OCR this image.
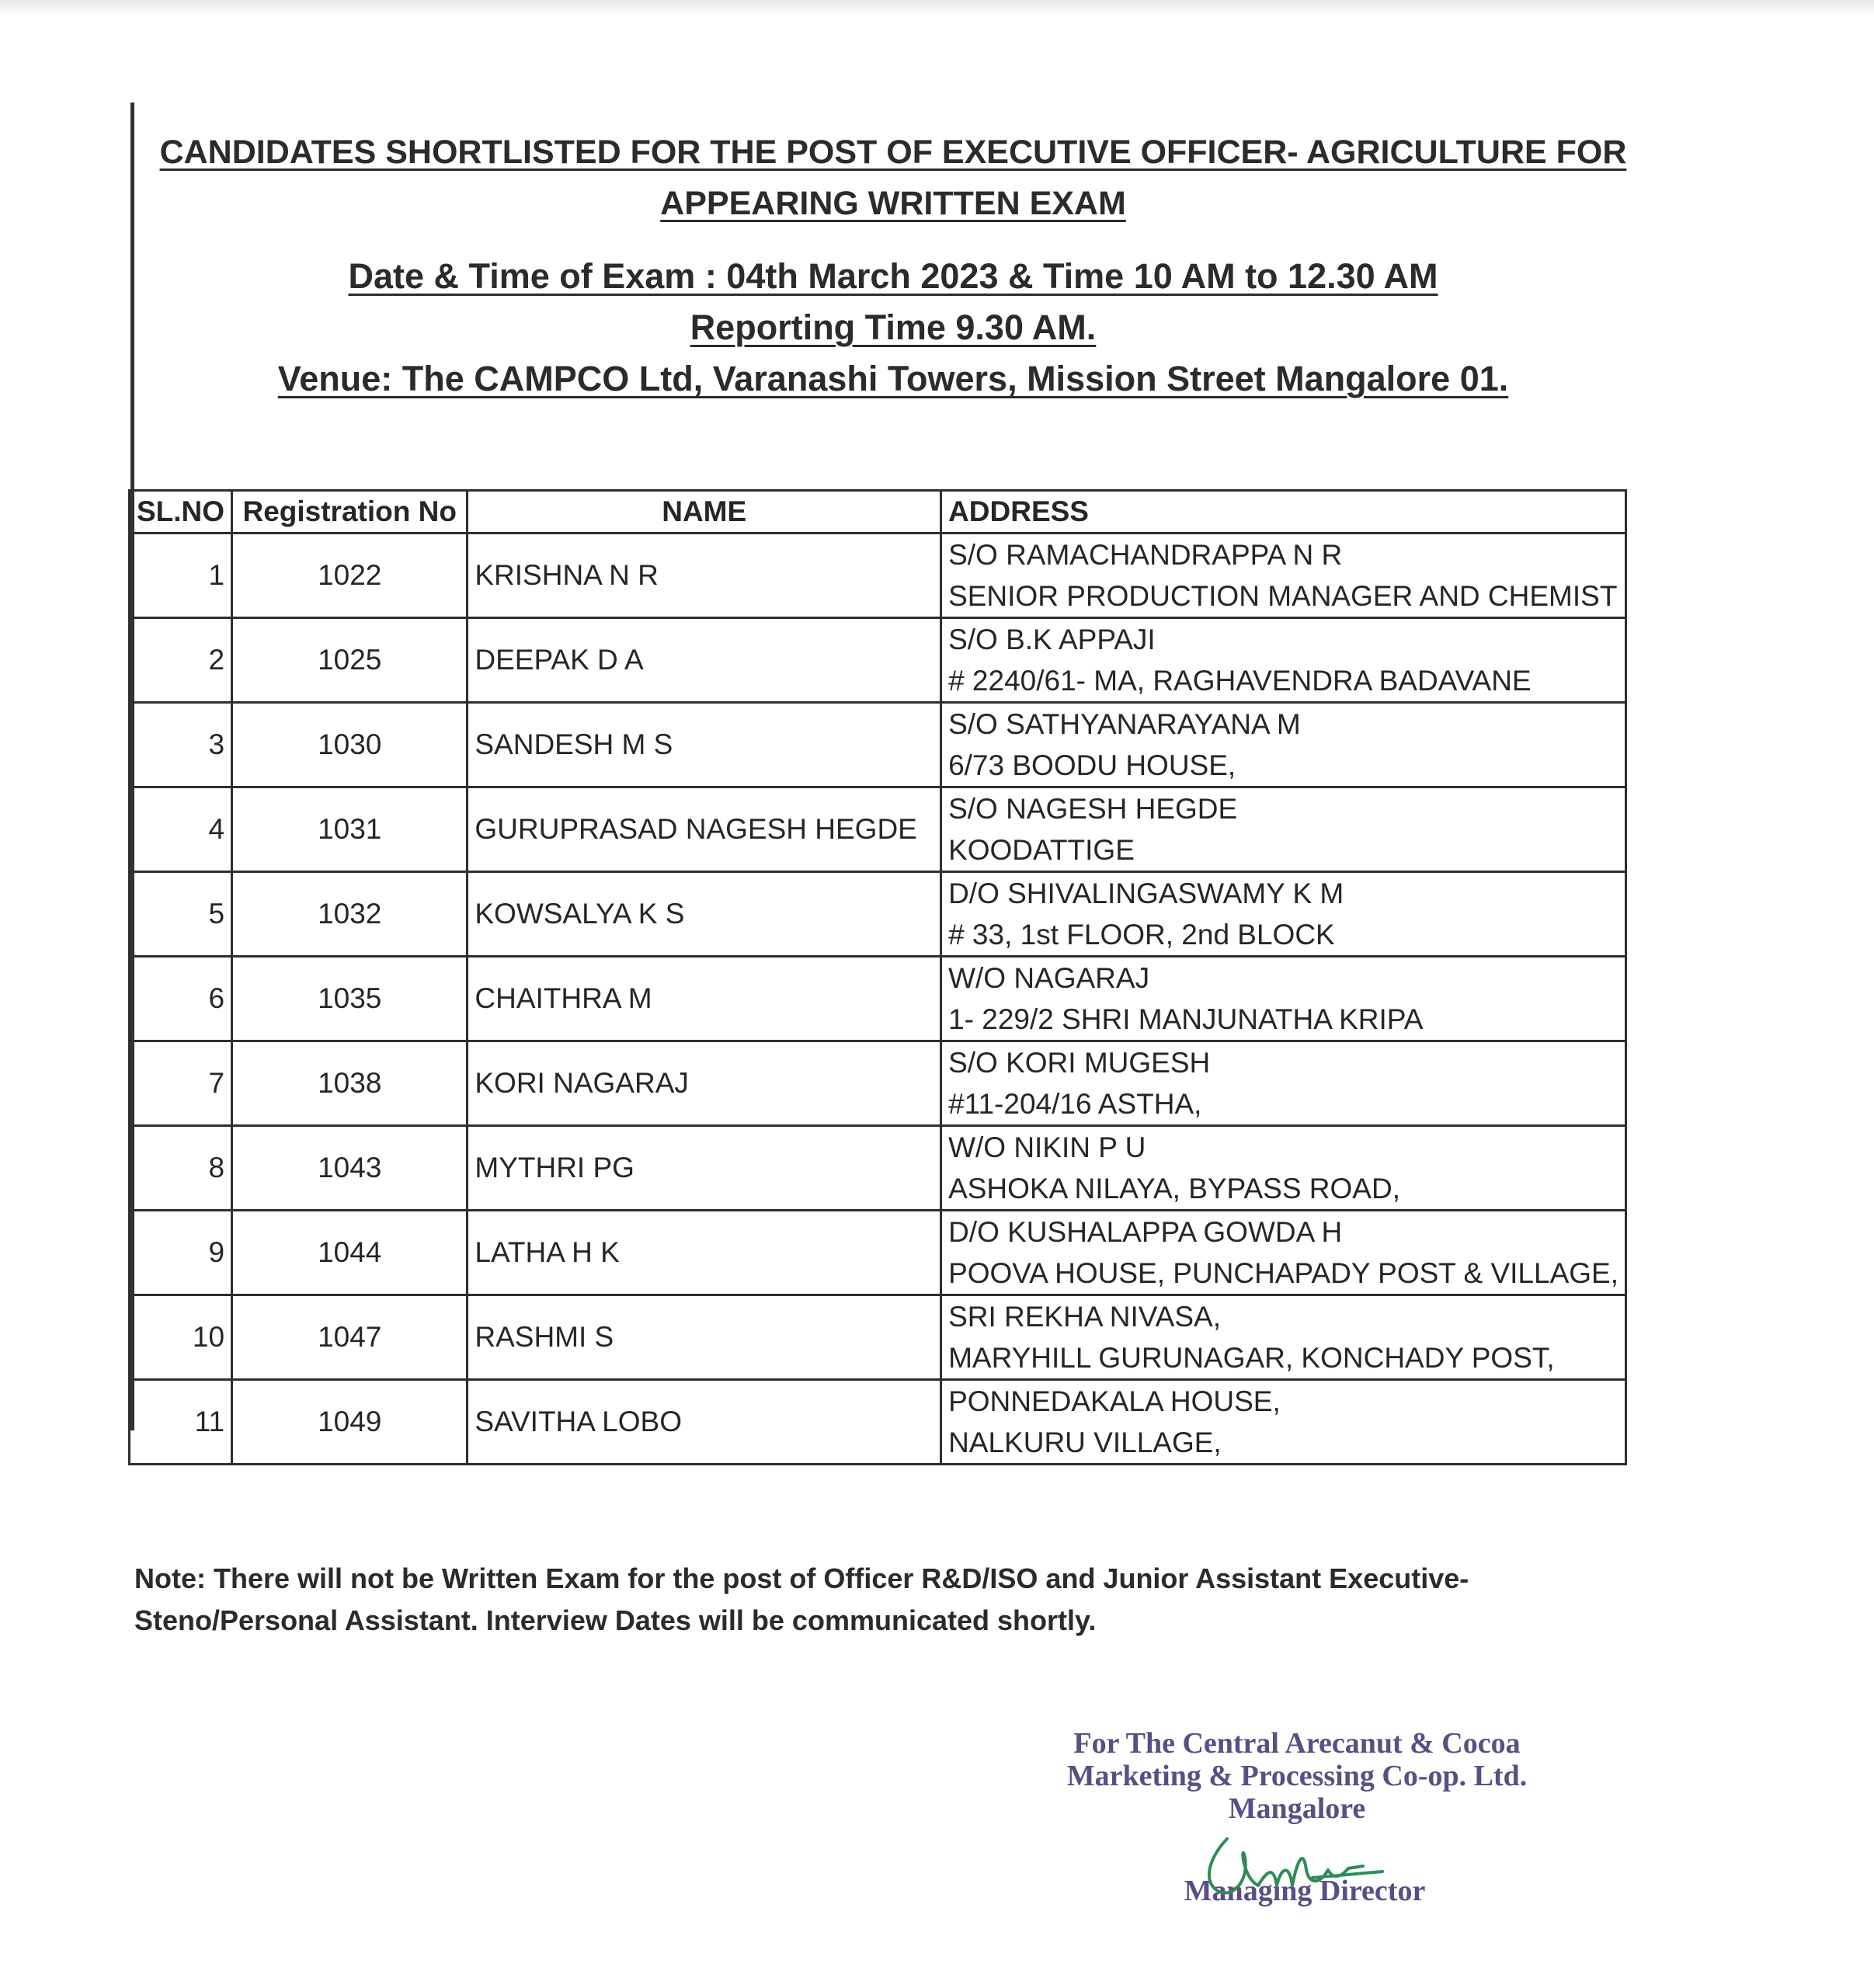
CANDIDATES SHORTLISTED FOR THE POST OF EXECUTIVE OFFICER- AGRICULTURE FOR
APPEARING WRITTEN EXAM
Date & Time of Exam : 04th March 2023 & Time 10 AM to 12.30 AM
Reporting Time 9.30 AM.
Venue: The CAMPCO Ltd, Varanashi Towers, Mission Street Mangalore 01.
SL.NO	Registration No	NAME	ADDRESS
1	1022	KRISHNA N R	S/O RAMACHANDRAPPA N R
SENIOR PRODUCTION MANAGER AND CHEMIST

2	1025	DEEPAK D A	S/O B.K APPAJI
# 2240/61- MA, RAGHAVENDRA BADAVANE

3	1030	SANDESH M S	S/O SATHYANARAYANA M
6/73 BOODU HOUSE,

4	1031	GURUPRASAD NAGESH HEGDE	S/O NAGESH HEGDE
KOODATTIGE

5	1032	KOWSALYA K S	D/O SHIVALINGASWAMY K M
# 33, 1st FLOOR, 2nd BLOCK

6	1035	CHAITHRA M	W/O NAGARAJ
1- 229/2 SHRI MANJUNATHA KRIPA

7	1038	KORI NAGARAJ	S/O KORI MUGESH
#11-204/16 ASTHA,

8	1043	MYTHRI PG	W/O NIKIN P U
ASHOKA NILAYA, BYPASS ROAD,

9	1044	LATHA H K	D/O KUSHALAPPA GOWDA H
POOVA HOUSE, PUNCHAPADY POST & VILLAGE,

10	1047	RASHMI S	SRI REKHA NIVASA,
MARYHILL GURUNAGAR, KONCHADY POST,

11	1049	SAVITHA LOBO	PONNEDAKALA HOUSE,
NALKURU VILLAGE,
Note: There will not be Written Exam for the post of Officer R&D/ISO and Junior Assistant Executive-
Steno/Personal Assistant. Interview Dates will be communicated shortly.
For The Central Arecanut & Cocoa
Marketing & Processing Co-op. Ltd.
Mangalore
Managing Director
